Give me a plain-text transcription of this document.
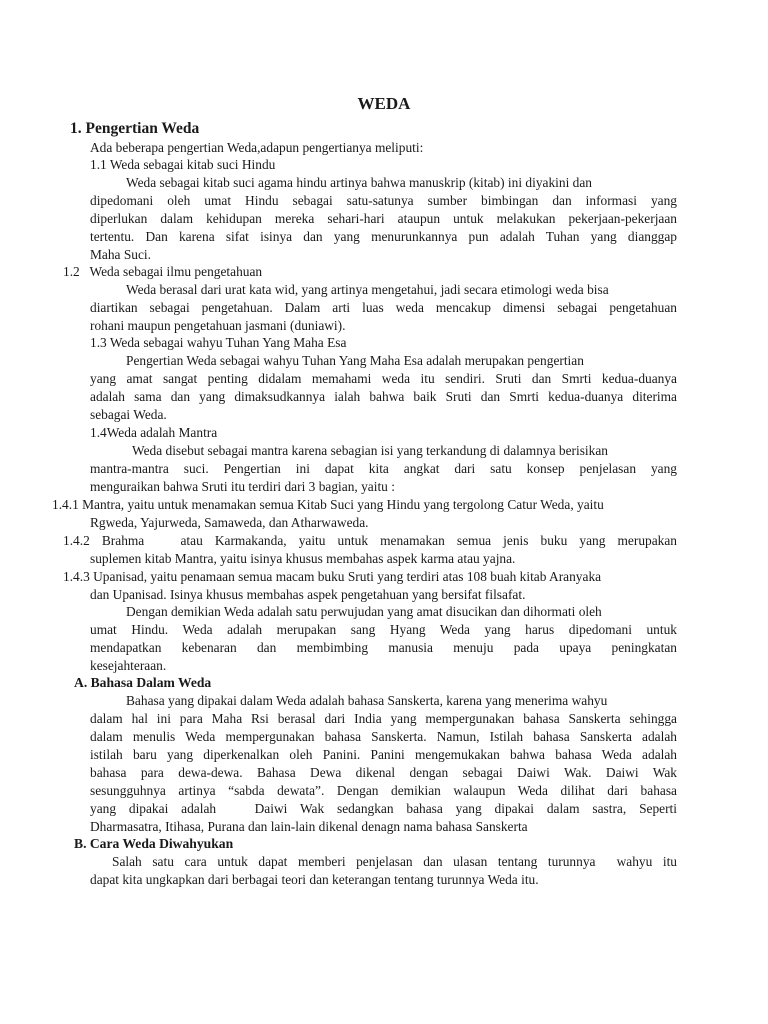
WEDA
1. Pengertian Weda
Ada beberapa pengertian Weda,adapun pengertianya meliputi:
1.1 Weda sebagai kitab suci Hindu
Weda sebagai kitab suci agama hindu artinya bahwa manuskrip (kitab) ini diyakini dan
dipedomani oleh umat Hindu sebagai satu-satunya sumber bimbingan dan informasi yang
diperlukan dalam kehidupan mereka sehari-hari ataupun untuk melakukan pekerjaan-pekerjaan
tertentu. Dan karena sifat isinya dan yang menurunkannya pun adalah Tuhan yang dianggap
Maha Suci.
1.2   Weda sebagai ilmu pengetahuan
Weda berasal dari urat kata wid, yang artinya mengetahui, jadi secara etimologi weda bisa
diartikan sebagai pengetahuan. Dalam arti luas weda mencakup dimensi sebagai pengetahuan
rohani maupun pengetahuan jasmani (duniawi).
1.3 Weda sebagai wahyu Tuhan Yang Maha Esa
Pengertian Weda sebagai wahyu Tuhan Yang Maha Esa adalah merupakan pengertian
yang amat sangat penting didalam memahami weda itu sendiri. Sruti dan Smrti kedua-duanya
adalah sama dan yang dimaksudkannya ialah bahwa baik Sruti dan Smrti kedua-duanya diterima
sebagai Weda.
1.4Weda adalah Mantra
Weda disebut sebagai mantra karena sebagian isi yang terkandung di dalamnya berisikan
mantra-mantra suci. Pengertian ini dapat kita angkat dari satu konsep penjelasan yang
menguraikan bahwa Sruti itu terdiri dari 3 bagian, yaitu :
1.4.1 Mantra, yaitu untuk menamakan semua Kitab Suci yang Hindu yang tergolong Catur Weda, yaitu
Rgweda, Yajurweda, Samaweda, dan Atharwaweda.
1.4.2 Brahma   atau Karmakanda, yaitu untuk menamakan semua jenis buku yang merupakan
suplemen kitab Mantra, yaitu isinya khusus membahas aspek karma atau yajna.
1.4.3 Upanisad, yaitu penamaan semua macam buku Sruti yang terdiri atas 108 buah kitab Aranyaka
dan Upanisad. Isinya khusus membahas aspek pengetahuan yang bersifat filsafat.
Dengan demikian Weda adalah satu perwujudan yang amat disucikan dan dihormati oleh
umat Hindu. Weda adalah merupakan sang Hyang Weda yang harus dipedomani untuk
mendapatkan kebenaran dan membimbing manusia menuju pada upaya peningkatan
kesejahteraan.
A. Bahasa Dalam Weda
Bahasa yang dipakai dalam Weda adalah bahasa Sanskerta, karena yang menerima wahyu
dalam hal ini para Maha Rsi berasal dari India yang mempergunakan bahasa Sanskerta sehingga
dalam menulis Weda mempergunakan bahasa Sanskerta. Namun, Istilah bahasa Sanskerta adalah
istilah baru yang diperkenalkan oleh Panini. Panini mengemukakan bahwa bahasa Weda adalah
bahasa para dewa-dewa. Bahasa Dewa dikenal dengan sebagai Daiwi Wak. Daiwi Wak
sesungguhnya artinya “sabda dewata”. Dengan demikian walaupun Weda dilihat dari bahasa
yang dipakai adalah   Daiwi Wak sedangkan bahasa yang dipakai dalam sastra, Seperti
Dharmasatra, Itihasa, Purana dan lain-lain dikenal denagn nama bahasa Sanskerta
B. Cara Weda Diwahyukan
Salah satu cara untuk dapat memberi penjelasan dan ulasan tentang turunnya  wahyu itu
dapat kita ungkapkan dari berbagai teori dan keterangan tentang turunnya Weda itu.
